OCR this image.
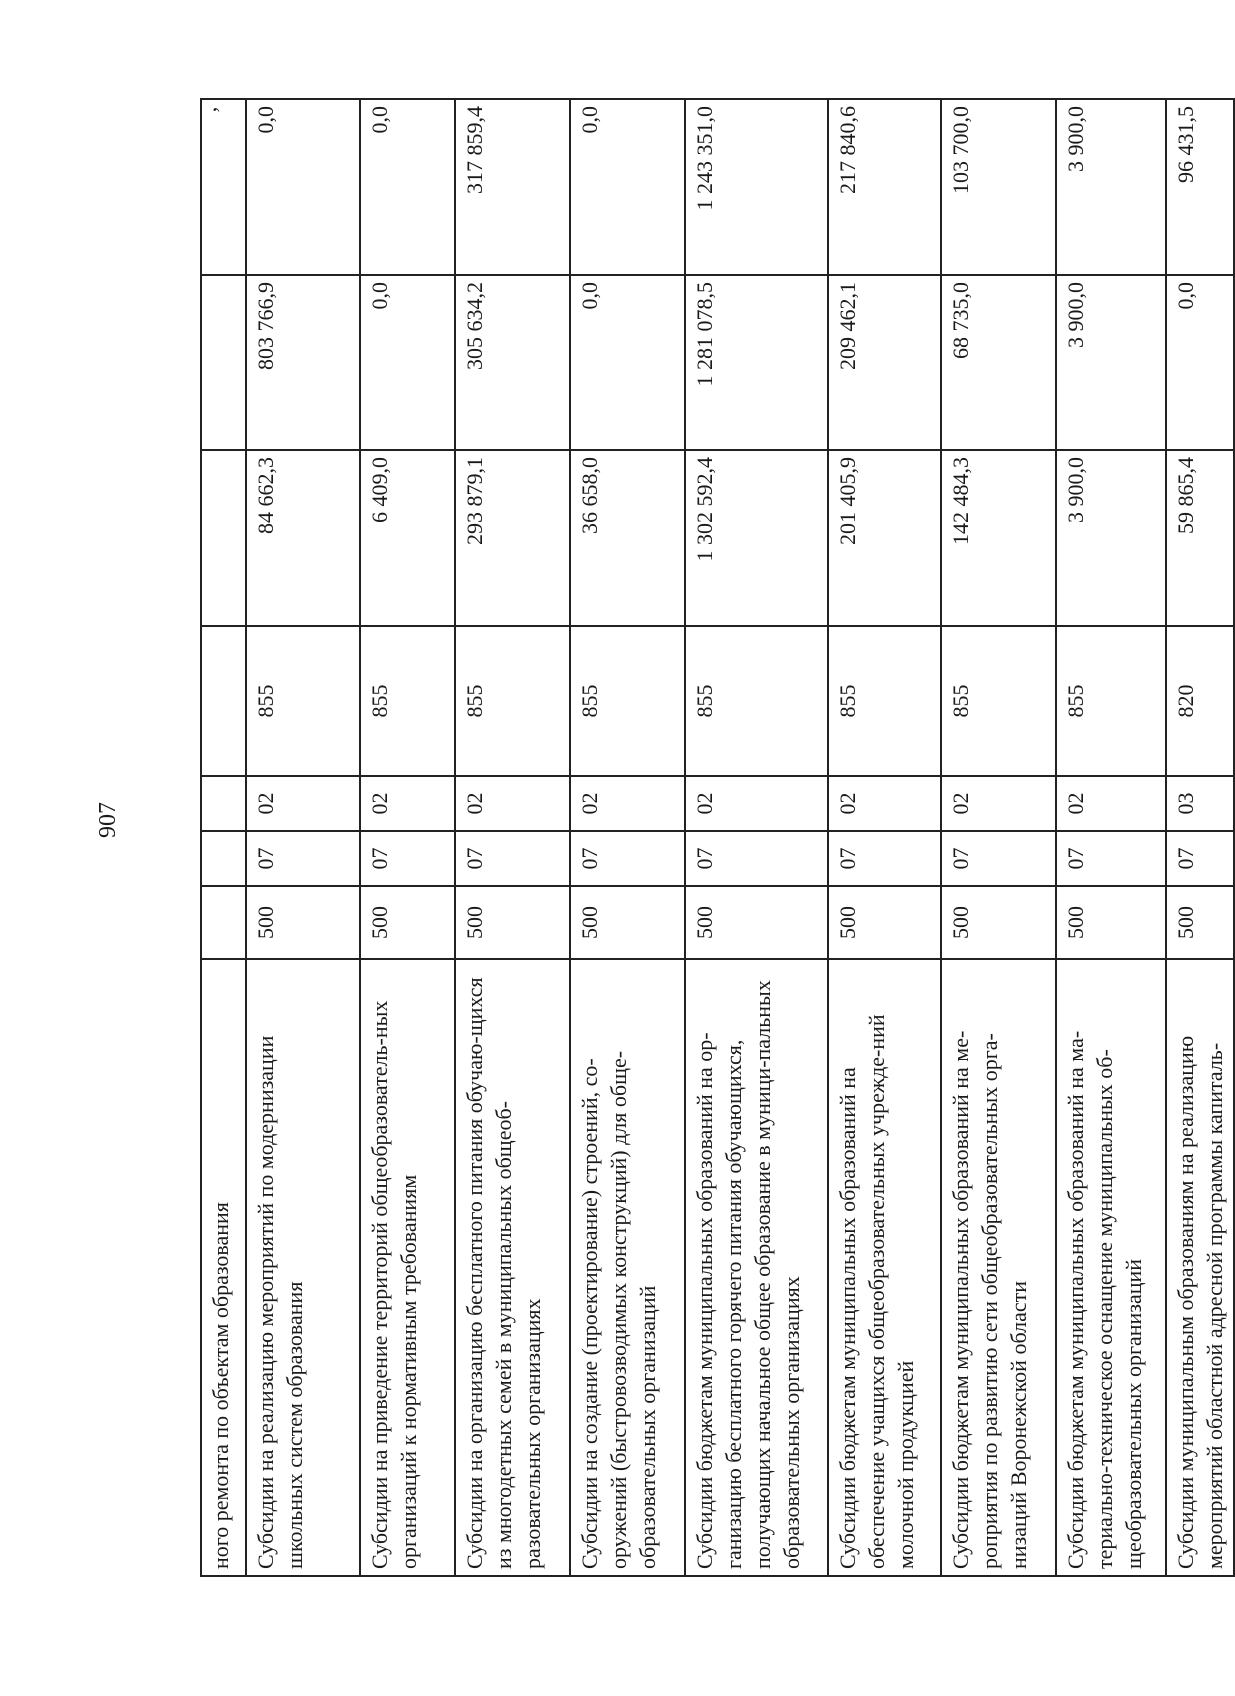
907
ного ремонта по объектам образования							’
Субсидии на реализацию мероприятий по модернизации школьных систем образования	500	07	02	855	84 662,3	803 766,9	0,0
Субсидии на приведение территорий общеобразователь-ных организаций к нормативным требованиям	500	07	02	855	6 409,0	0,0	0,0
Субсидии на организацию бесплатного питания обучаю-щихся из многодетных семей в муниципальных общеоб-разовательных организациях	500	07	02	855	293 879,1	305 634,2	317 859,4
Субсидии на создание (проектирование) строений, со-оружений (быстровозводимых конструкций) для обще-образовательных организаций	500	07	02	855	36 658,0	0,0	0,0
Субсидии бюджетам муниципальных образований на ор-ганизацию бесплатного горячего питания обучающихся, получающих начальное общее образование в муници-пальных образовательных организациях	500	07	02	855	1 302 592,4	1 281 078,5	1 243 351,0
Субсидии бюджетам муниципальных образований на обеспечение учащихся общеобразовательных учрежде-ний молочной продукцией	500	07	02	855	201 405,9	209 462,1	217 840,6
Субсидии бюджетам муниципальных образований на ме-роприятия по развитию сети общеобразовательных орга-низаций Воронежской области	500	07	02	855	142 484,3	68 735,0	103 700,0
Субсидии бюджетам муниципальных образований на ма-териально-техническое оснащение муниципальных об-щеобразовательных организаций	500	07	02	855	3 900,0	3 900,0	3 900,0
Субсидии муниципальным образованиям на реализацию мероприятий областной адресной программы капиталь-	500	07	03	820	59 865,4	0,0	96 431,5
